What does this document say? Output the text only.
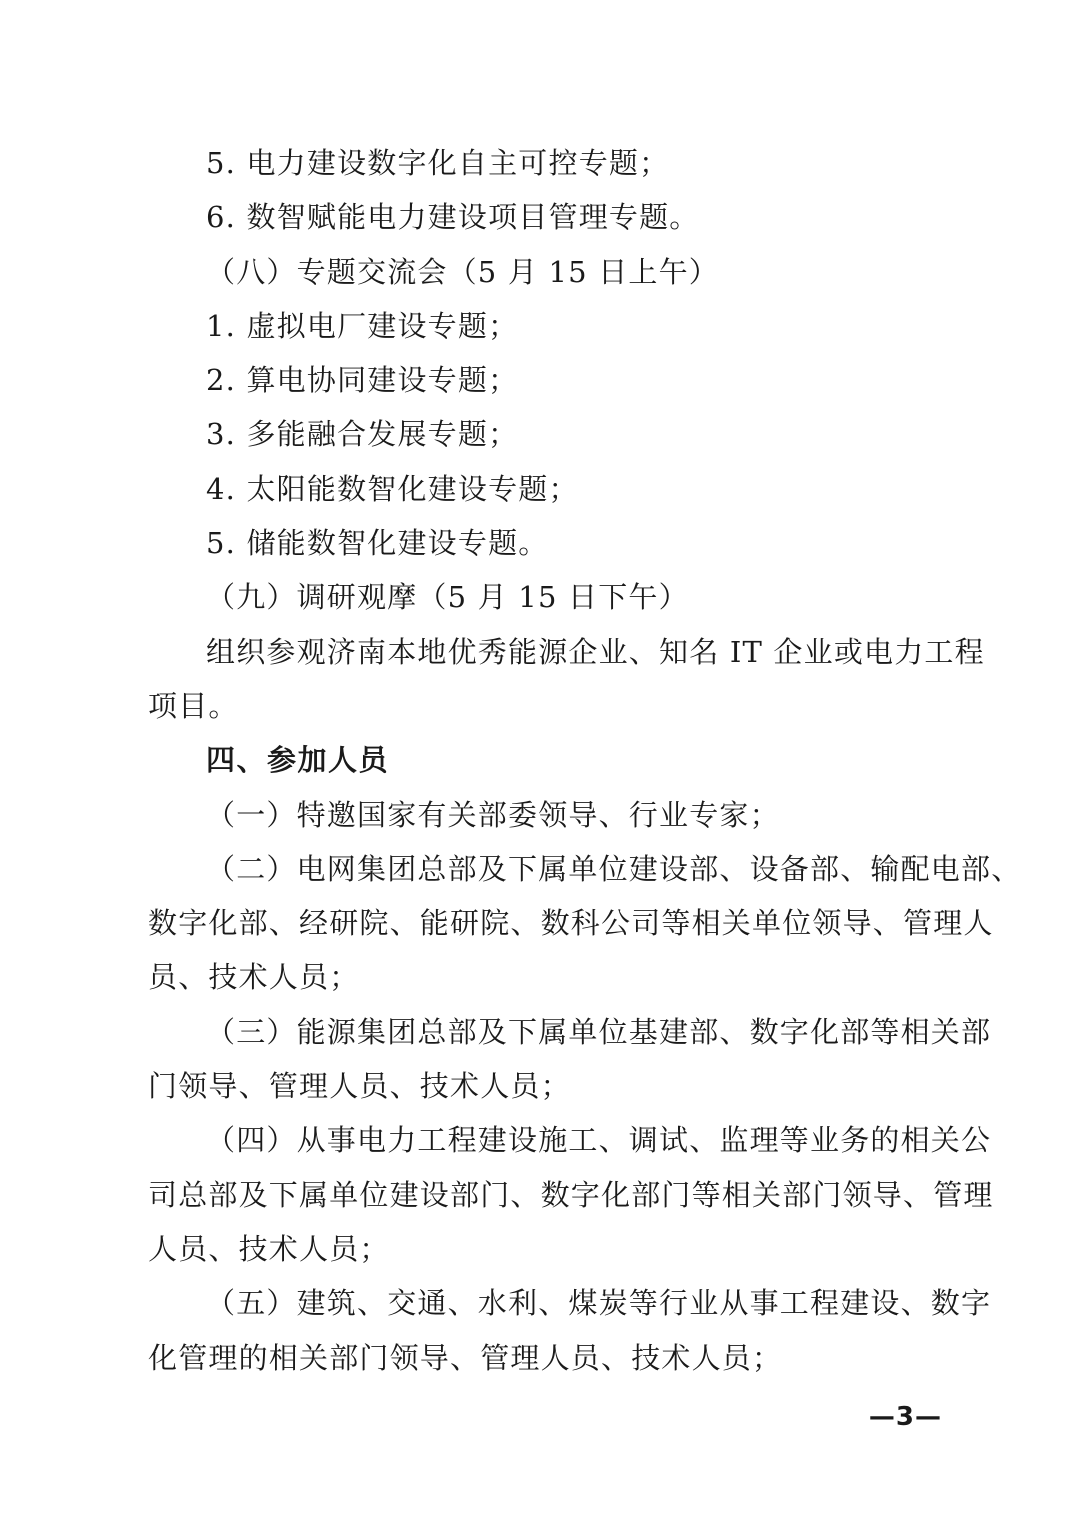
5. 电力建设数字化自主可控专题；
6. 数智赋能电力建设项目管理专题。
（八）专题交流会（5 月 15 日上午）
1. 虚拟电厂建设专题；
2. 算电协同建设专题；
3. 多能融合发展专题；
4. 太阳能数智化建设专题；
5. 储能数智化建设专题。
（九）调研观摩（5 月 15 日下午）
组织参观济南本地优秀能源企业、知名 IT 企业或电力工程
项目。
四、参加人员
（一）特邀国家有关部委领导、行业专家；
（二）电网集团总部及下属单位建设部、设备部、输配电部、
数字化部、经研院、能研院、数科公司等相关单位领导、管理人
员、技术人员；
（三）能源集团总部及下属单位基建部、数字化部等相关部
门领导、管理人员、技术人员；
（四）从事电力工程建设施工、调试、监理等业务的相关公
司总部及下属单位建设部门、数字化部门等相关部门领导、管理
人员、技术人员；
（五）建筑、交通、水利、煤炭等行业从事工程建设、数字
化管理的相关部门领导、管理人员、技术人员；
—3—
